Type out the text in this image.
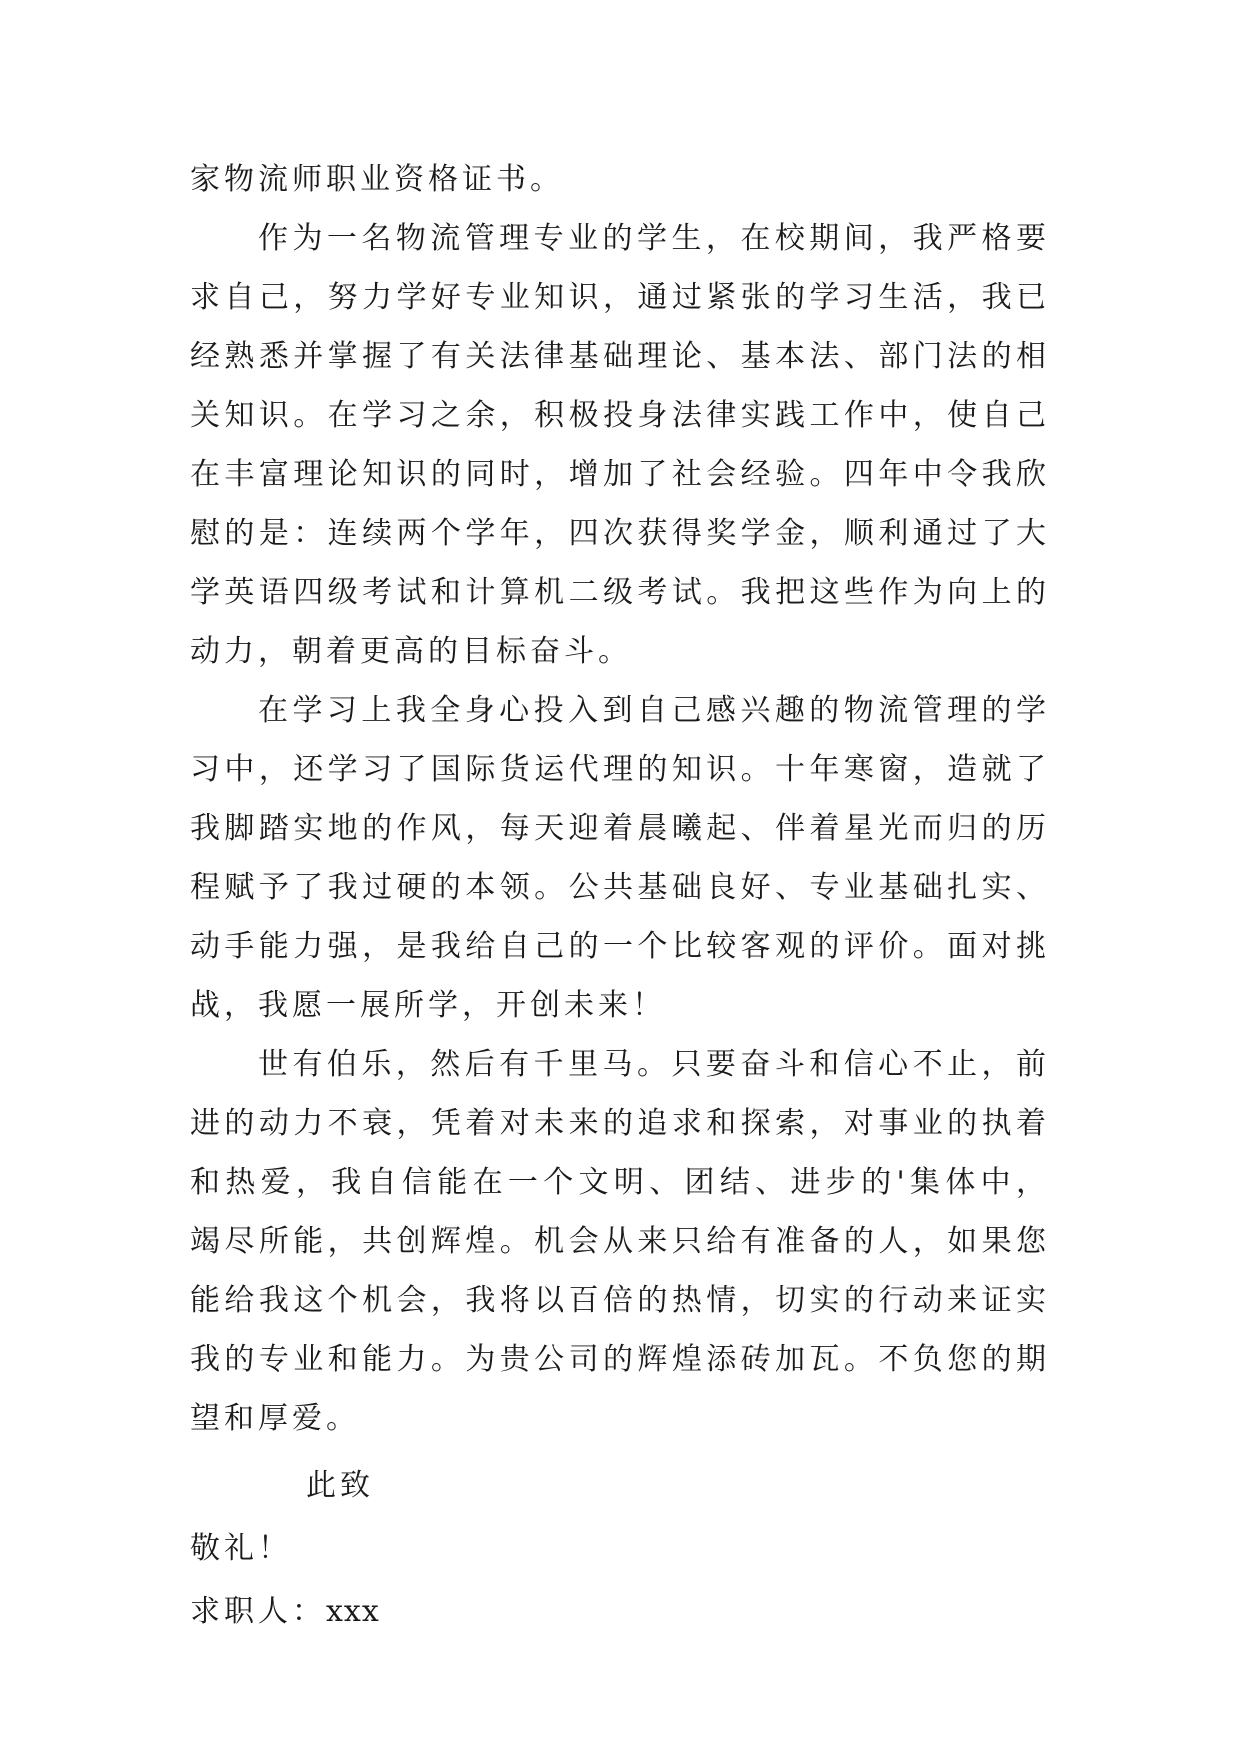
家物流师职业资格证书。

作为一名物流管理专业的学生，在校期间，我严格要求自己，努力学好专业知识，通过紧张的学习生活，我已经熟悉并掌握了有关法律基础理论、基本法、部门法的相关知识。在学习之余，积极投身法律实践工作中，使自己在丰富理论知识的同时，增加了社会经验。四年中令我欣慰的是：连续两个学年，四次获得奖学金，顺利通过了大学英语四级考试和计算机二级考试。我把这些作为向上的动力，朝着更高的目标奋斗。

在学习上我全身心投入到自己感兴趣的物流管理的学习中，还学习了国际货运代理的知识。十年寒窗，造就了我脚踏实地的作风，每天迎着晨曦起、伴着星光而归的历程赋予了我过硬的本领。公共基础良好、专业基础扎实、动手能力强，是我给自己的一个比较客观的评价。面对挑战，我愿一展所学，开创未来！

世有伯乐，然后有千里马。只要奋斗和信心不止，前进的动力不衰，凭着对未来的追求和探索，对事业的执着和热爱，我自信能在一个文明、团结、进步的'集体中，竭尽所能，共创辉煌。机会从来只给有准备的人，如果您能给我这个机会，我将以百倍的热情，切实的行动来证实我的专业和能力。为贵公司的辉煌添砖加瓦。不负您的期望和厚爱。

此致
敬礼！
求职人：xxx
